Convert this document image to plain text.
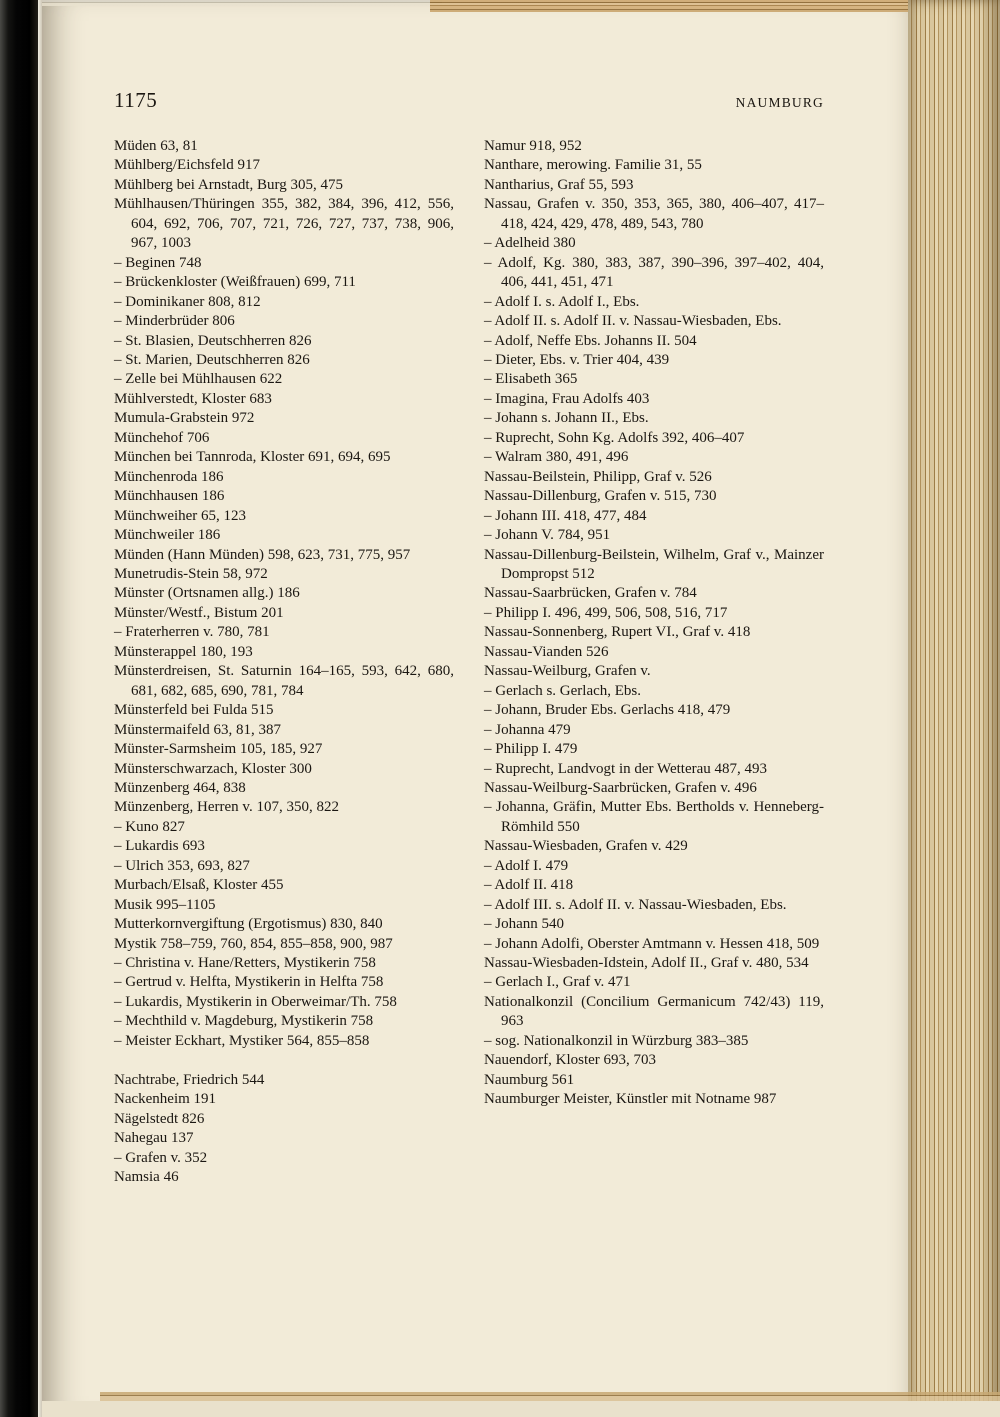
1175	NAUMBURG

Müden 63, 81

Mühlberg/Eichsfeld 917

Mühlberg bei Arnstadt, Burg 305, 475

Mühlhausen/Thüringen 355, 382, 384, 396, 412, 556, 604, 692, 706, 707, 721, 726, 727, 737, 738, 906, 967, 1003

– Beginen 748

– Brückenkloster (Weißfrauen) 699, 711

– Dominikaner 808, 812

– Minderbrüder 806

– St. Blasien, Deutschherren 826

– St. Marien, Deutschherren 826

– Zelle bei Mühlhausen 622

Mühlverstedt, Kloster 683

Mumula-Grabstein 972

Münchehof 706

München bei Tannroda, Kloster 691, 694, 695

Münchenroda 186

Münchhausen 186

Münchweiher 65, 123

Münchweiler 186

Münden (Hann Münden) 598, 623, 731, 775, 957

Munetrudis-Stein 58, 972

Münster (Ortsnamen allg.) 186

Münster/Westf., Bistum 201

– Fraterherren v. 780, 781

Münsterappel 180, 193

Münsterdreisen, St. Saturnin 164–165, 593, 642, 680, 681, 682, 685, 690, 781, 784

Münsterfeld bei Fulda 515

Münstermaifeld 63, 81, 387

Münster-Sarmsheim 105, 185, 927

Münsterschwarzach, Kloster 300

Münzenberg 464, 838

Münzenberg, Herren v. 107, 350, 822

– Kuno 827

– Lukardis 693

– Ulrich 353, 693, 827

Murbach/Elsaß, Kloster 455

Musik 995–1105

Mutterkornvergiftung (Ergotismus) 830, 840

Mystik 758–759, 760, 854, 855–858, 900, 987

– Christina v. Hane/Retters, Mystikerin 758

– Gertrud v. Helfta, Mystikerin in Helfta 758

– Lukardis, Mystikerin in Oberweimar/Th. 758

– Mechthild v. Magdeburg, Mystikerin 758

– Meister Eckhart, Mystiker 564, 855–858

Nachtrabe, Friedrich 544

Nackenheim 191

Nägelstedt 826

Nahegau 137

– Grafen v. 352

Namsia 46

Namur 918, 952

Nanthare, merowing. Familie 31, 55

Nantharius, Graf 55, 593

Nassau, Grafen v. 350, 353, 365, 380, 406–407, 417–418, 424, 429, 478, 489, 543, 780

– Adelheid 380

– Adolf, Kg. 380, 383, 387, 390–396, 397–402, 404, 406, 441, 451, 471

– Adolf I. s. Adolf I., Ebs.

– Adolf II. s. Adolf II. v. Nassau-Wiesbaden, Ebs.

– Adolf, Neffe Ebs. Johanns II. 504

– Dieter, Ebs. v. Trier 404, 439

– Elisabeth 365

– Imagina, Frau Adolfs 403

– Johann s. Johann II., Ebs.

– Ruprecht, Sohn Kg. Adolfs 392, 406–407

– Walram 380, 491, 496

Nassau-Beilstein, Philipp, Graf v. 526

Nassau-Dillenburg, Grafen v. 515, 730

– Johann III. 418, 477, 484

– Johann V. 784, 951

Nassau-Dillenburg-Beilstein, Wilhelm, Graf v., Mainzer Dompropst 512

Nassau-Saarbrücken, Grafen v. 784

– Philipp I. 496, 499, 506, 508, 516, 717

Nassau-Sonnenberg, Rupert VI., Graf v. 418

Nassau-Vianden 526

Nassau-Weilburg, Grafen v.

– Gerlach s. Gerlach, Ebs.

– Johann, Bruder Ebs. Gerlachs 418, 479

– Johanna 479

– Philipp I. 479

– Ruprecht, Landvogt in der Wetterau 487, 493

Nassau-Weilburg-Saarbrücken, Grafen v. 496

– Johanna, Gräfin, Mutter Ebs. Bertholds v. Henneberg-Römhild 550

Nassau-Wiesbaden, Grafen v. 429

– Adolf I. 479

– Adolf II. 418

– Adolf III. s. Adolf II. v. Nassau-Wiesbaden, Ebs.

– Johann 540

– Johann Adolfi, Oberster Amtmann v. Hessen 418, 509

Nassau-Wiesbaden-Idstein, Adolf II., Graf v. 480, 534

– Gerlach I., Graf v. 471

Nationalkonzil (Concilium Germanicum 742/43) 119, 963

– sog. Nationalkonzil in Würzburg 383–385

Nauendorf, Kloster 693, 703

Naumburg 561

Naumburger Meister, Künstler mit Notname 987
